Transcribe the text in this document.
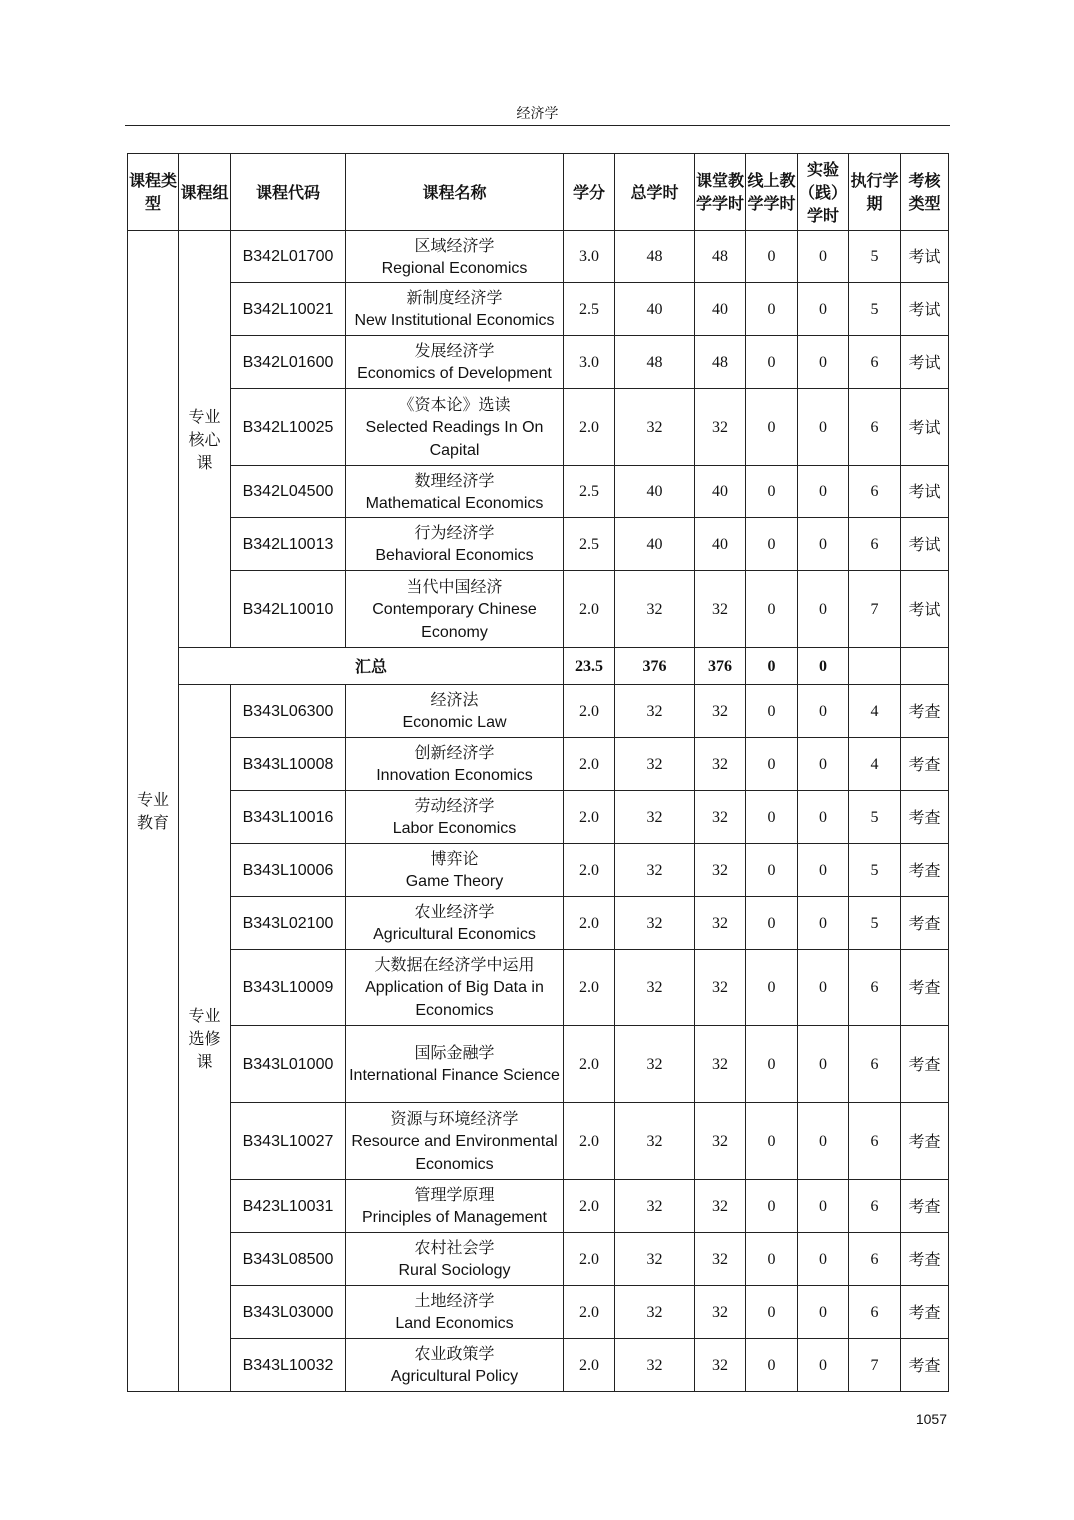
经济学
课程类型	课程组	课程代码	课程名称	学分	总学时	课堂教学学时	线上教学学时	实验（践）学时	执行学期	考核类型
专业教育	专业核心课	B342L01700	区域经济学
Regional Economics	3.0	48	48	0	0	5	考试
		B342L10021	新制度经济学
New Institutional Economics	2.5	40	40	0	0	5	考试
		B342L01600	发展经济学
Economics of Development	3.0	48	48	0	0	6	考试
		B342L10025	《资本论》选读
Selected Readings In On Capital	2.0	32	32	0	0	6	考试
		B342L04500	数理经济学
Mathematical Economics	2.5	40	40	0	0	6	考试
		B342L10013	行为经济学
Behavioral Economics	2.5	40	40	0	0	6	考试
		B342L10010	当代中国经济
Contemporary Chinese Economy	2.0	32	32	0	0	7	考试
	汇总			23.5	376	376	0	0		
	专业选修课	B343L06300	经济法
Economic Law	2.0	32	32	0	0	4	考查
		B343L10008	创新经济学
Innovation Economics	2.0	32	32	0	0	4	考查
		B343L10016	劳动经济学
Labor Economics	2.0	32	32	0	0	5	考查
		B343L10006	博弈论
Game Theory	2.0	32	32	0	0	5	考查
		B343L02100	农业经济学
Agricultural Economics	2.0	32	32	0	0	5	考查
		B343L10009	大数据在经济学中运用
Application of Big Data in Economics	2.0	32	32	0	0	6	考查
		B343L01000	国际金融学
International Finance Science	2.0	32	32	0	0	6	考查
		B343L10027	资源与环境经济学
Resource and Environmental Economics	2.0	32	32	0	0	6	考查
		B423L10031	管理学原理
Principles of Management	2.0	32	32	0	0	6	考查
		B343L08500	农村社会学
Rural Sociology	2.0	32	32	0	0	6	考查
		B343L03000	土地经济学
Land Economics	2.0	32	32	0	0	6	考查
		B343L10032	农业政策学
Agricultural Policy	2.0	32	32	0	0	7	考查
1057
